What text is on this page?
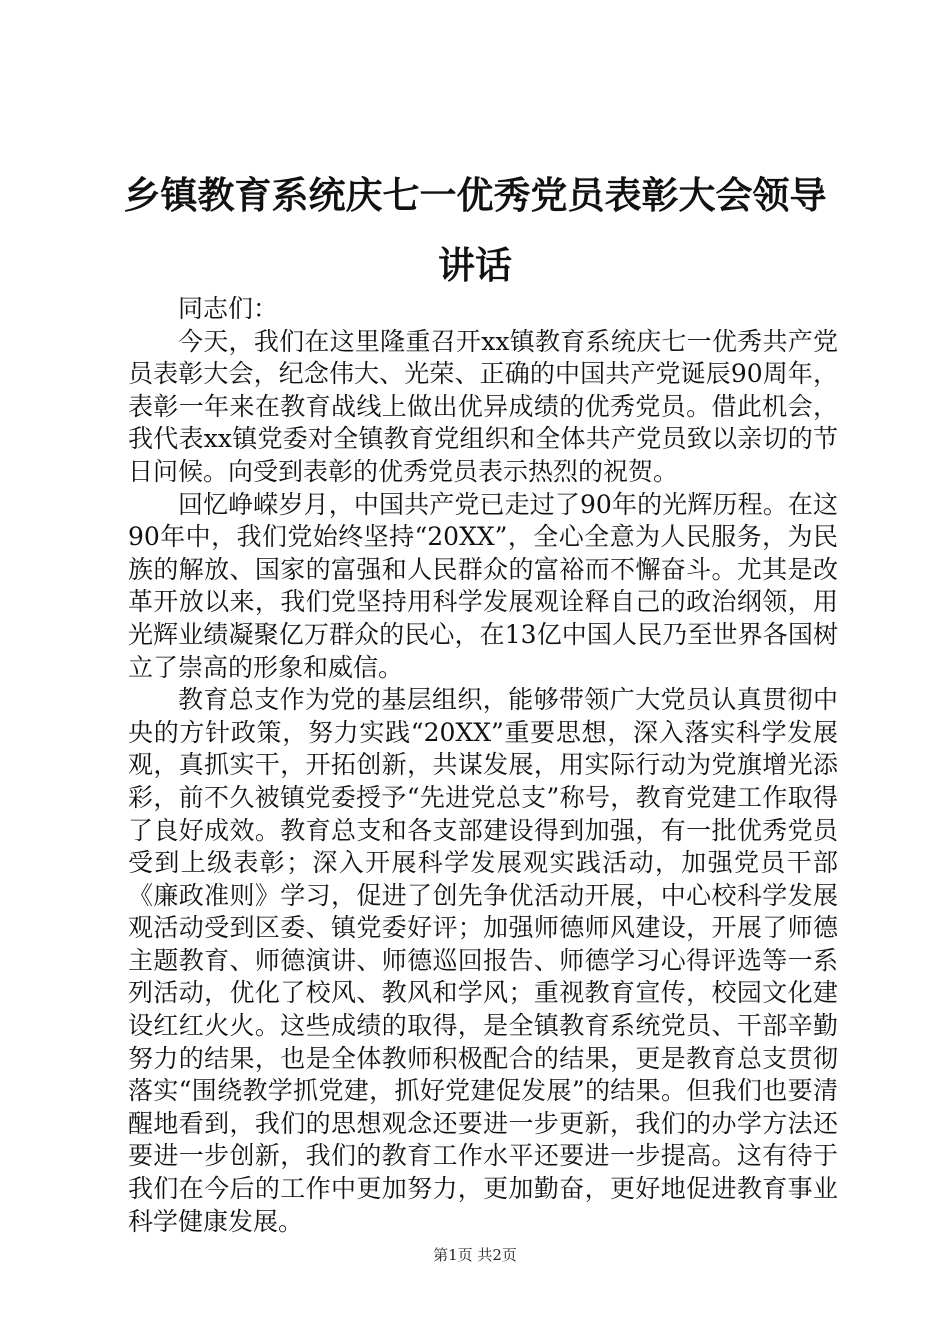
乡镇教育系统庆七一优秀党员表彰大会领导讲话

同志们：

今天，我们在这里隆重召开xx镇教育系统庆七一优秀共产党员表彰大会，纪念伟大、光荣、正确的中国共产党诞辰90周年，表彰一年来在教育战线上做出优异成绩的优秀党员。借此机会，我代表xx镇党委对全镇教育党组织和全体共产党员致以亲切的节日问候。向受到表彰的优秀党员表示热烈的祝贺。

回忆峥嵘岁月，中国共产党已走过了90年的光辉历程。在这90年中，我们党始终坚持“20XX”，全心全意为人民服务，为民族的解放、国家的富强和人民群众的富裕而不懈奋斗。尤其是改革开放以来，我们党坚持用科学发展观诠释自己的政治纲领，用光辉业绩凝聚亿万群众的民心，在13亿中国人民乃至世界各国树立了崇高的形象和威信。

教育总支作为党的基层组织，能够带领广大党员认真贯彻中央的方针政策，努力实践“20XX”重要思想，深入落实科学发展观，真抓实干，开拓创新，共谋发展，用实际行动为党旗增光添彩，前不久被镇党委授予“先进党总支”称号，教育党建工作取得了良好成效。教育总支和各支部建设得到加强，有一批优秀党员受到上级表彰；深入开展科学发展观实践活动，加强党员干部《廉政准则》学习，促进了创先争优活动开展，中心校科学发展观活动受到区委、镇党委好评；加强师德师风建设，开展了师德主题教育、师德演讲、师德巡回报告、师德学习心得评选等一系列活动，优化了校风、教风和学风；重视教育宣传，校园文化建设红红火火。这些成绩的取得，是全镇教育系统党员、干部辛勤努力的结果，也是全体教师积极配合的结果，更是教育总支贯彻落实“围绕教学抓党建，抓好党建促发展”的结果。但我们也要清醒地看到，我们的思想观念还要进一步更新，我们的办学方法还要进一步创新，我们的教育工作水平还要进一步提高。这有待于我们在今后的工作中更加努力，更加勤奋，更好地促进教育事业科学健康发展。

第1页 共2页
